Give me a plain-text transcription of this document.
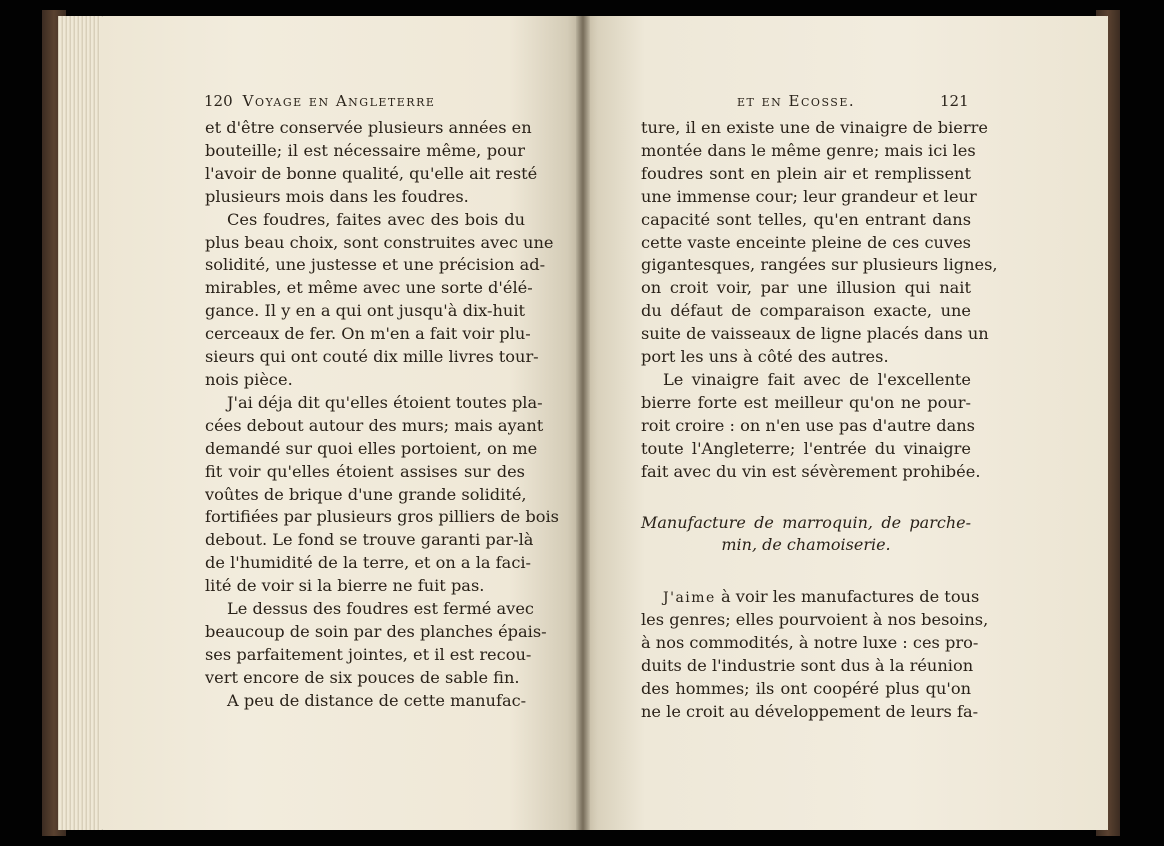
120 Voyage en Angleterre	et en Ecosse.	121

et d'être conservée plusieurs années en
bouteille; il est nécessaire même, pour
l'avoir de bonne qualité, qu'elle ait resté
plusieurs mois dans les foudres.

Ces foudres, faites avec des bois du
plus beau choix, sont construites avec une
solidité, une justesse et une précision ad-
mirables, et même avec une sorte d'élé-
gance. Il y en a qui ont jusqu'à dix-huit
cerceaux de fer. On m'en a fait voir plu-
sieurs qui ont couté dix mille livres tour-
nois pièce.

J'ai déja dit qu'elles étoient toutes pla-
cées debout autour des murs; mais ayant
demandé sur quoi elles portoient, on me
fit voir qu'elles étoient assises sur des
voûtes de brique d'une grande solidité,
fortifiées par plusieurs gros pilliers de bois
debout. Le fond se trouve garanti par-là
de l'humidité de la terre, et on a la faci-
lité de voir si la bierre ne fuit pas.

Le dessus des foudres est fermé avec
beaucoup de soin par des planches épais-
ses parfaitement jointes, et il est recou-
vert encore de six pouces de sable fin.

A peu de distance de cette manufac-

ture, il en existe une de vinaigre de bierre
montée dans le même genre; mais ici les
foudres sont en plein air et remplissent
une immense cour; leur grandeur et leur
capacité sont telles, qu'en entrant dans
cette vaste enceinte pleine de ces cuves
gigantesques, rangées sur plusieurs lignes,
on croit voir, par une illusion qui nait
du défaut de comparaison exacte, une
suite de vaisseaux de ligne placés dans un
port les uns à côté des autres.

Le vinaigre fait avec de l'excellente
bierre forte est meilleur qu'on ne pour-
roit croire : on n'en use pas d'autre dans
toute l'Angleterre; l'entrée du vinaigre
fait avec du vin est sévèrement prohibée.

Manufacture de marroquin, de parche-
min, de chamoiserie.
J'aime à voir les manufactures de tous
les genres; elles pourvoient à nos besoins,
à nos commodités, à notre luxe : ces pro-
duits de l'industrie sont dus à la réunion
des hommes; ils ont coopéré plus qu'on
ne le croit au développement de leurs fa-
